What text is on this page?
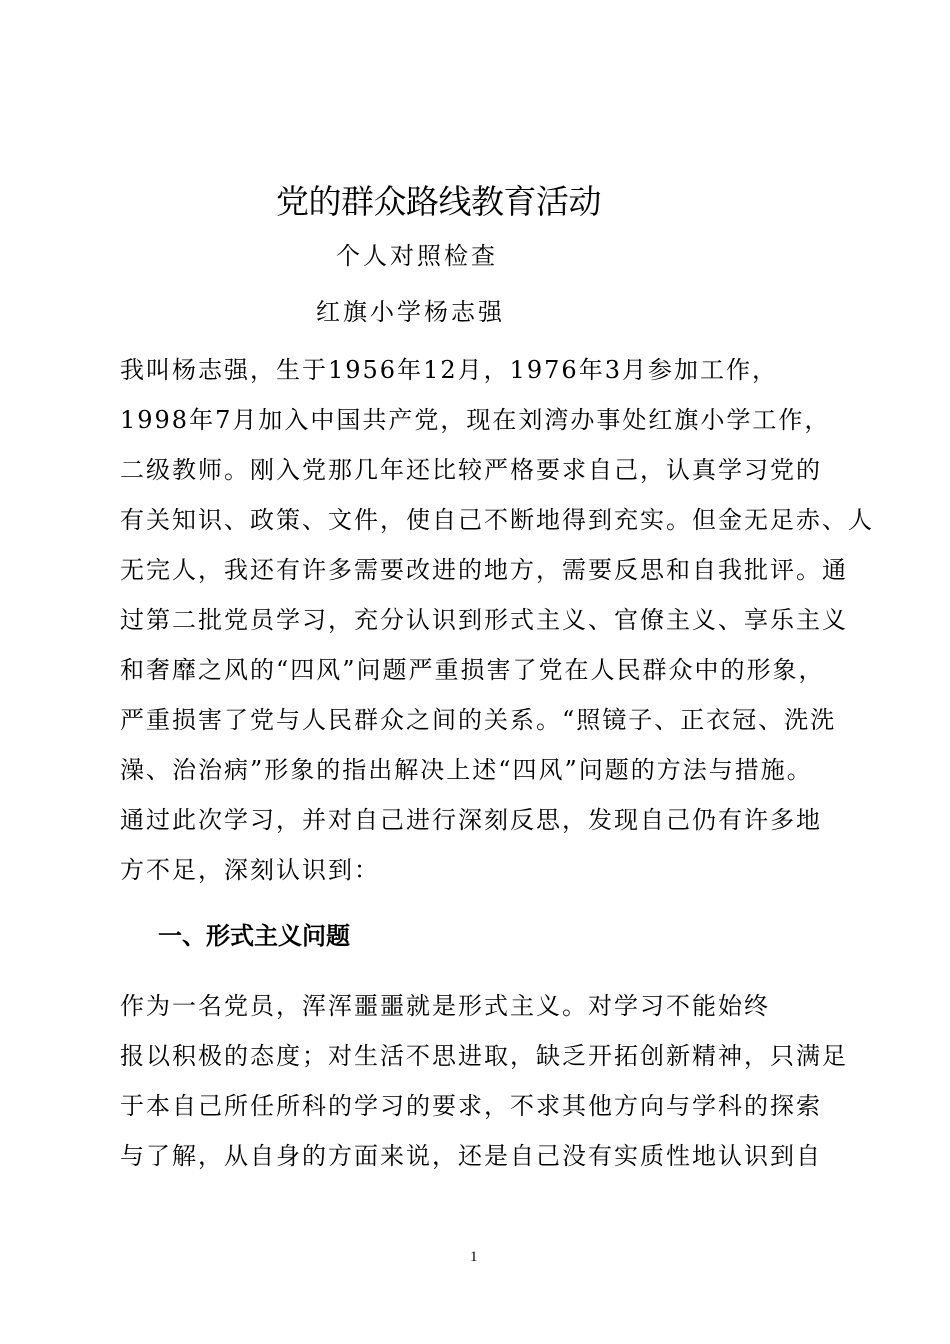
党的群众路线教育活动
个人对照检查
红旗小学杨志强
我叫杨志强，生于1956年12月，1976年3月参加工作，
1998年7月加入中国共产党，现在刘湾办事处红旗小学工作，
二级教师。刚入党那几年还比较严格要求自己，认真学习党的
有关知识、政策、文件，使自己不断地得到充实。但金无足赤、人
无完人，我还有许多需要改进的地方，需要反思和自我批评。通
过第二批党员学习，充分认识到形式主义、官僚主义、享乐主义
和奢靡之风的“四风”问题严重损害了党在人民群众中的形象，
严重损害了党与人民群众之间的关系。“照镜子、正衣冠、洗洗
澡、治治病”形象的指出解决上述“四风”问题的方法与措施。
通过此次学习，并对自己进行深刻反思，发现自己仍有许多地
方不足，深刻认识到：
一、形式主义问题
作为一名党员，浑浑噩噩就是形式主义。对学习不能始终
报以积极的态度；对生活不思进取，缺乏开拓创新精神，只满足
于本自己所任所科的学习的要求，不求其他方向与学科的探索
与了解，从自身的方面来说，还是自己没有实质性地认识到自
1
